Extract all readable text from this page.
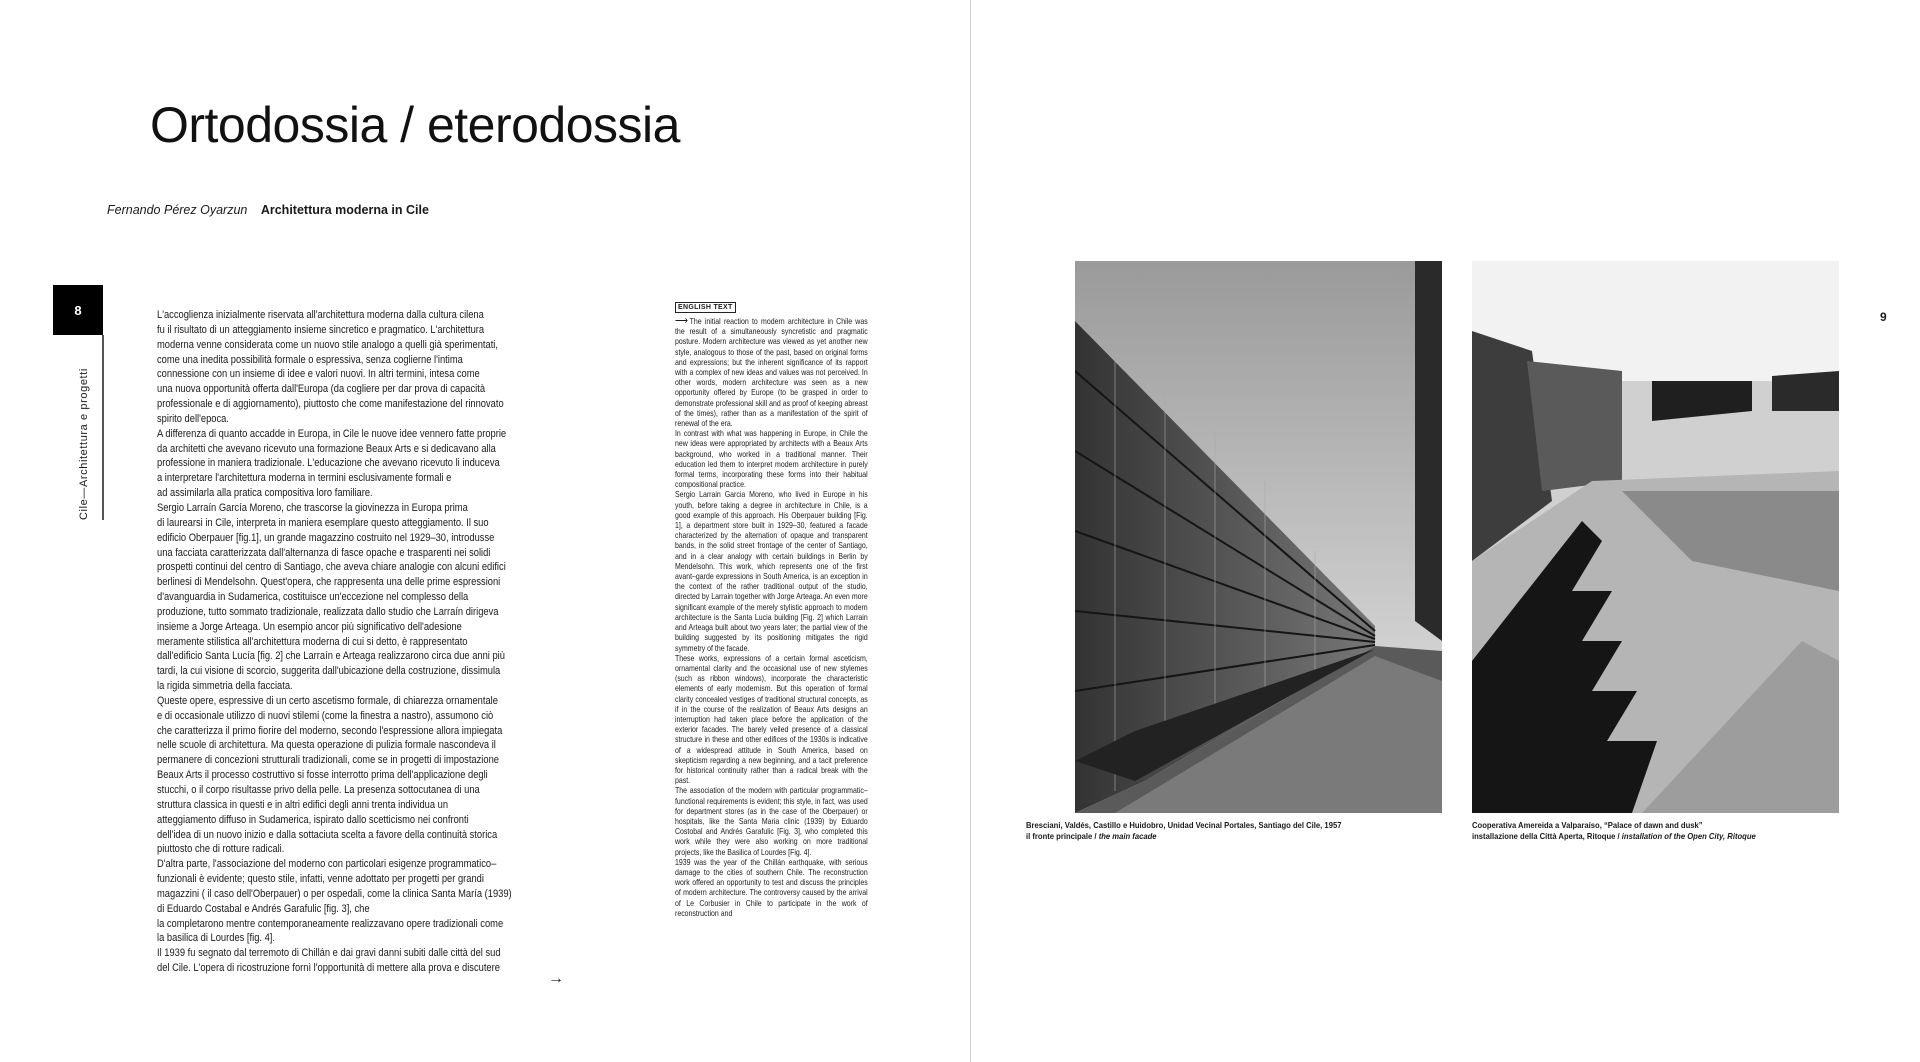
Ortodossia / eterodossia
Fernando Pérez Oyarzun Architettura moderna in Cile
8
Cile—Architettura e progetti

L'accoglienza inizialmente riservata all'architettura moderna dalla cultura cilena
fu il risultato di un atteggiamento insieme sincretico e pragmatico. L'architettura
moderna venne considerata come un nuovo stile analogo a quelli già sperimentati,
come una inedita possibilità formale o espressiva, senza coglierne l'intima
connessione con un insieme di idee e valori nuovi. In altri termini, intesa come
una nuova opportunità offerta dall'Europa (da cogliere per dar prova di capacità
professionale e di aggiornamento), piuttosto che come manifestazione del rinnovato
spirito dell'epoca.

A differenza di quanto accadde in Europa, in Cile le nuove idee vennero fatte proprie
da architetti che avevano ricevuto una formazione Beaux Arts e si dedicavano alla
professione in maniera tradizionale. L'educazione che avevano ricevuto li induceva
a interpretare l'architettura moderna in termini esclusivamente formali e
ad assimilarla alla pratica compositiva loro familiare.

Sergio Larraín García Moreno, che trascorse la giovinezza in Europa prima
di laurearsi in Cile, interpreta in maniera esemplare questo atteggiamento. Il suo
edificio Oberpauer [fig.1], un grande magazzino costruito nel 1929–30, introdusse
una facciata caratterizzata dall'alternanza di fasce opache e trasparenti nei solidi
prospetti continui del centro di Santiago, che aveva chiare analogie con alcuni edifici
berlinesi di Mendelsohn. Quest'opera, che rappresenta una delle prime espressioni
d'avanguardia in Sudamerica, costituisce un'eccezione nel complesso della
produzione, tutto sommato tradizionale, realizzata dallo studio che Larraín dirigeva
insieme a Jorge Arteaga. Un esempio ancor più significativo dell'adesione
meramente stilistica all'architettura moderna di cui si detto, è rappresentato
dall'edificio Santa Lucía [fig. 2] che Larraín e Arteaga realizzarono circa due anni più
tardi, la cui visione di scorcio, suggerita dall'ubicazione della costruzione, dissimula
la rigida simmetria della facciata.

Queste opere, espressive di un certo ascetismo formale, di chiarezza ornamentale
e di occasionale utilizzo di nuovi stilemi (come la finestra a nastro), assumono ciò
che caratterizza il primo fiorire del moderno, secondo l'espressione allora impiegata
nelle scuole di architettura. Ma questa operazione di pulizia formale nascondeva il
permanere di concezioni strutturali tradizionali, come se in progetti di impostazione
Beaux Arts il processo costruttivo si fosse interrotto prima dell'applicazione degli
stucchi, o il corpo risultasse privo della pelle. La presenza sottocutanea di una
struttura classica in questi e in altri edifici degli anni trenta individua un
atteggiamento diffuso in Sudamerica, ispirato dallo scetticismo nei confronti
dell'idea di un nuovo inizio e dalla sottaciuta scelta a favore della continuità storica
piuttosto che di rotture radicali.

D'altra parte, l'associazione del moderno con particolari esigenze programmatico–
funzionali è evidente; questo stile, infatti, venne adottato per progetti per grandi
magazzini ( il caso dell'Oberpauer) o per ospedali, come la clinica Santa María (1939)
di Eduardo Costabal e Andrés Garafulic [fig. 3], che
la completarono mentre contemporaneamente realizzavano opere tradizionali come
la basilica di Lourdes [fig. 4].

Il 1939 fu segnato dal terremoto di Chillán e dai gravi danni subiti dalle città del sud
del Cile. L'opera di ricostruzione fornì l'opportunità di mettere alla prova e discutere

→
ENGLISH TEXT

⟶ The initial reaction to modern architecture in Chile was the result of a simultaneously syncretistic and pragmatic posture. Modern architecture was viewed as yet another new style, analogous to those of the past, based on original forms and expressions; but the inherent significance of its rapport with a complex of new ideas and values was not perceived. In other words, modern architecture was seen as a new opportunity offered by Europe (to be grasped in order to demonstrate professional skill and as proof of keeping abreast of the times), rather than as a manifestation of the spirit of renewal of the era.

In contrast with what was happening in Europe, in Chile the new ideas were appropriated by architects with a Beaux Arts background, who worked in a traditional manner. Their education led them to interpret modern architecture in purely formal terms, incorporating these forms into their habitual compositional practice.

Sergio Larrain Garcia Moreno, who lived in Europe in his youth, before taking a degree in architecture in Chile, is a good example of this approach. His Oberpauer building [Fig. 1], a department store built in 1929–30, featured a facade characterized by the alternation of opaque and transparent bands, in the solid street frontage of the center of Santiago, and in a clear analogy with certain buildings in Berlin by Mendelsohn. This work, which represents one of the first avant–garde expressions in South America, is an exception in the context of the rather traditional output of the studio, directed by Larrain together with Jorge Arteaga. An even more significant example of the merely stylistic approach to modern architecture is the Santa Lucia building [Fig. 2] which Larrain and Arteaga built about two years later; the partial view of the building suggested by its positioning mitigates the rigid symmetry of the facade.

These works, expressions of a certain formal asceticism, ornamental clarity and the occasional use of new stylemes (such as ribbon windows), incorporate the characteristic elements of early modernism. But this operation of formal clarity concealed vestiges of traditional structural concepts, as if in the course of the realization of Beaux Arts designs an interruption had taken place before the application of the exterior facades. The barely veiled presence of a classical structure in these and other edifices of the 1930s is indicative of a widespread attitude in South America, based on skepticism regarding a new beginning, and a tacit preference for historical continuity rather than a radical break with the past.

The association of the modern with particular programmatic–functional requirements is evident; this style, in fact, was used for department stores (as in the case of the Oberpauer) or hospitals, like the Santa Maria clinic (1939) by Eduardo Costobal and Andrés Garafulic [Fig. 3], who completed this work while they were also working on more traditional projects, like the Basilica of Lourdes [Fig. 4].

1939 was the year of the Chillán earthquake, with serious damage to the cities of southern Chile. The reconstruction work offered an opportunity to test and discuss the principles of modern architecture. The controversy caused by the arrival of Le Corbusier in Chile to participate in the work of reconstruction and

Bresciani, Valdés, Castillo e Huidobro, Unidad Vecinal Portales, Santiago del Cile, 1957
il fronte principale / the main facade
Cooperativa Amereida a Valparaíso, “Palace of dawn and dusk”
installazione della Città Aperta, Ritoque / installation of the Open City, Ritoque
9
